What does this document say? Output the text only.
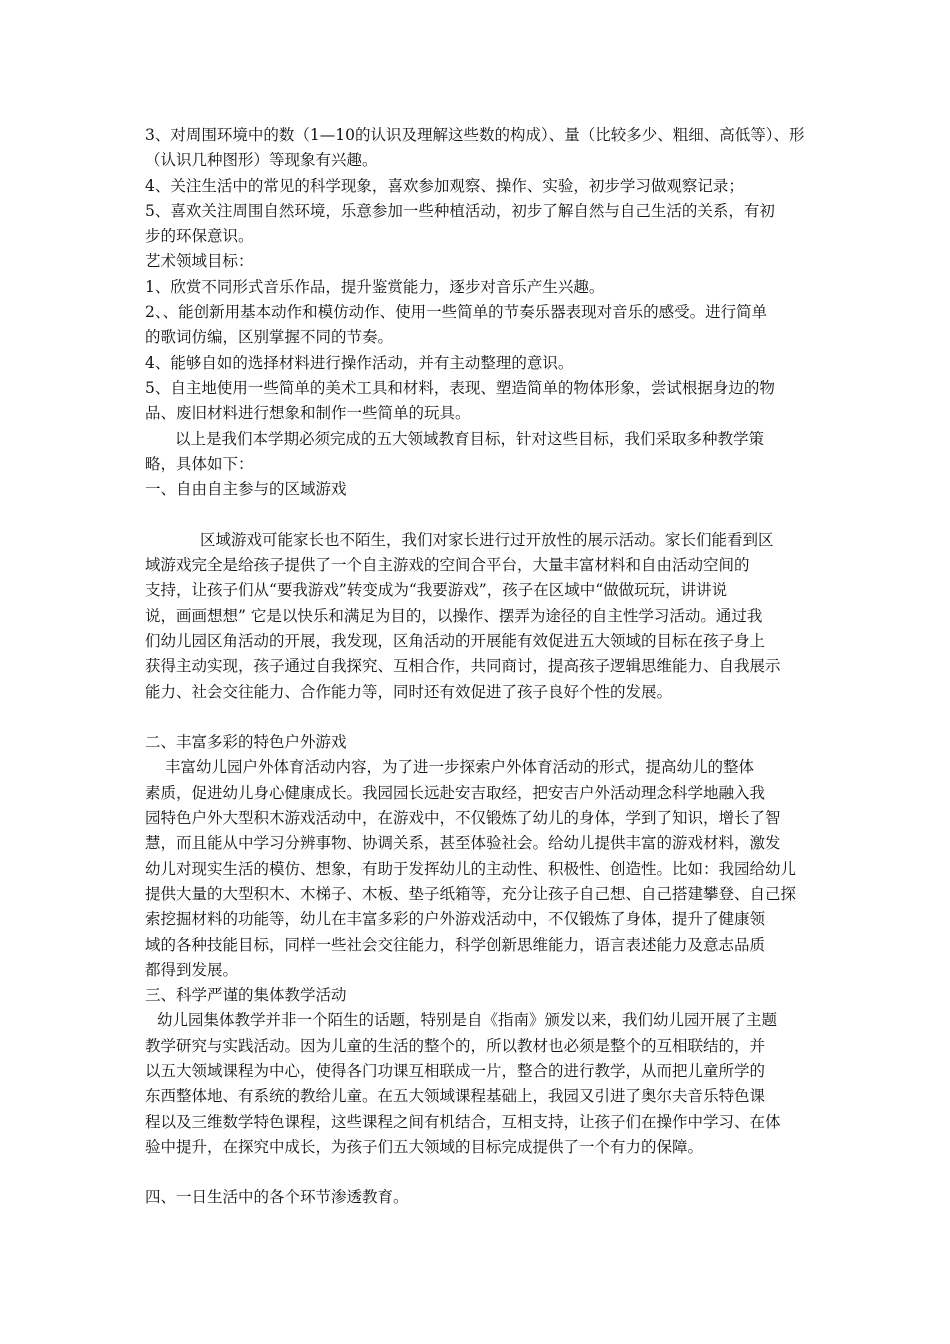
3、对周围环境中的数（1—10的认识及理解这些数的构成）、量（比较多少、粗细、高低等）、形
（认识几种图形）等现象有兴趣。
4、关注生活中的常见的科学现象，喜欢参加观察、操作、实验，初步学习做观察记录；
5、喜欢关注周围自然环境，乐意参加一些种植活动，初步了解自然与自己生活的关系，有初
步的环保意识。
艺术领域目标：
1、欣赏不同形式音乐作品，提升鉴赏能力，逐步对音乐产生兴趣。
2、、能创新用基本动作和模仿动作、使用一些简单的节奏乐器表现对音乐的感受。进行简单
的歌词仿编，区别掌握不同的节奏。
4、能够自如的选择材料进行操作活动，并有主动整理的意识。
5、自主地使用一些简单的美术工具和材料，表现、塑造简单的物体形象，尝试根据身边的物
品、废旧材料进行想象和制作一些简单的玩具。
以上是我们本学期必须完成的五大领域教育目标，针对这些目标，我们采取多种教学策
略，具体如下：
一、自由自主参与的区域游戏
区域游戏可能家长也不陌生，我们对家长进行过开放性的展示活动。家长们能看到区
域游戏完全是给孩子提供了一个自主游戏的空间合平台，大量丰富材料和自由活动空间的
支持，让孩子们从“要我游戏”转变成为“我要游戏”，孩子在区域中“做做玩玩，讲讲说
说，画画想想” 它是以快乐和满足为目的，以操作、摆弄为途径的自主性学习活动。通过我
们幼儿园区角活动的开展，我发现，区角活动的开展能有效促进五大领域的目标在孩子身上
获得主动实现，孩子通过自我探究、互相合作，共同商讨，提高孩子逻辑思维能力、自我展示
能力、社会交往能力、合作能力等，同时还有效促进了孩子良好个性的发展。
二、丰富多彩的特色户外游戏
丰富幼儿园户外体育活动内容，为了进一步探索户外体育活动的形式，提高幼儿的整体
素质，促进幼儿身心健康成长。我园园长远赴安吉取经，把安吉户外活动理念科学地融入我
园特色户外大型积木游戏活动中，在游戏中，不仅锻炼了幼儿的身体，学到了知识，增长了智
慧，而且能从中学习分辨事物、协调关系，甚至体验社会。给幼儿提供丰富的游戏材料，激发
幼儿对现实生活的模仿、想象，有助于发挥幼儿的主动性、积极性、创造性。比如：我园给幼儿
提供大量的大型积木、木梯子、木板、垫子纸箱等，充分让孩子自己想、自己搭建攀登、自己探
索挖掘材料的功能等，幼儿在丰富多彩的户外游戏活动中，不仅锻炼了身体，提升了健康领
域的各种技能目标，同样一些社会交往能力，科学创新思维能力，语言表述能力及意志品质
都得到发展。
三、科学严谨的集体教学活动
幼儿园集体教学并非一个陌生的话题，特别是自《指南》颁发以来，我们幼儿园开展了主题
教学研究与实践活动。因为儿童的生活的整个的，所以教材也必须是整个的互相联结的，并
以五大领域课程为中心，使得各门功课互相联成一片，整合的进行教学，从而把儿童所学的
东西整体地、有系统的教给儿童。在五大领域课程基础上，我园又引进了奥尔夫音乐特色课
程以及三维数学特色课程，这些课程之间有机结合，互相支持，让孩子们在操作中学习、在体
验中提升，在探究中成长，为孩子们五大领域的目标完成提供了一个有力的保障。
四、一日生活中的各个环节渗透教育。
